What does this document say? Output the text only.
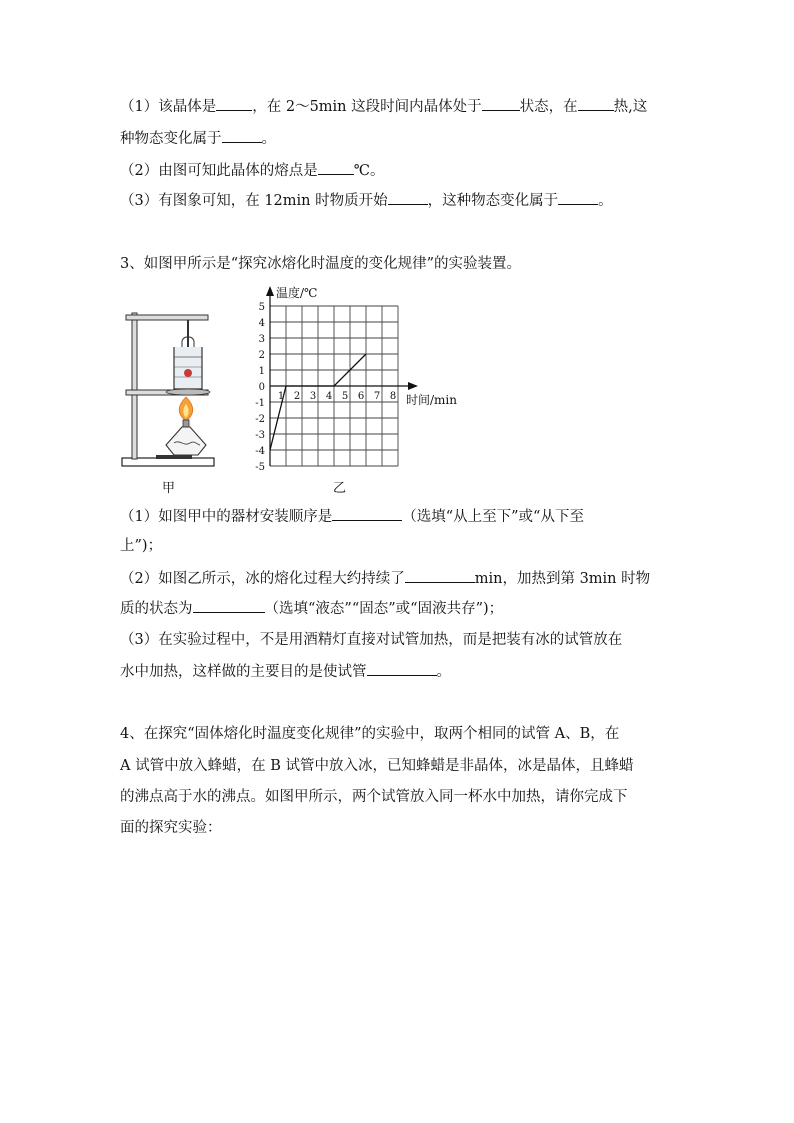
（1）该晶体是 ，在 2～5min 这段时间内晶体处于	状态，在 热,这
种物态变化属于	。
（2）由图可知此晶体的熔点是 ℃。
（3）有图象可知，在 12min 时物质开始	，这种物态变化属于	。
3、如图甲所示是“探究冰熔化时温度的变化规律”的实验装置。
甲
5
4
3
2
1
0
-1
-2
-3
-4
-5
1 2 3 4 5 6 7 8
温度/℃
时间/min
乙
（1）如图甲中的器材安装顺序是	（选填“从上至下”或“从下至
上”)；
（2）如图乙所示，冰的熔化过程大约持续了	min，加热到第 3min 时物
质的状态为	（选填“液态”“固态”或“固液共存”)；
（3）在实验过程中，不是用酒精灯直接对试管加热，而是把装有冰的试管放在
水中加热，这样做的主要目的是使试管	。
4、在探究“固体熔化时温度变化规律”的实验中，取两个相同的试管 A、B，在
A 试管中放入蜂蜡，在 B 试管中放入冰，已知蜂蜡是非晶体，冰是晶体，且蜂蜡
的沸点高于水的沸点。如图甲所示，两个试管放入同一杯水中加热，请你完成下
面的探究实验：
